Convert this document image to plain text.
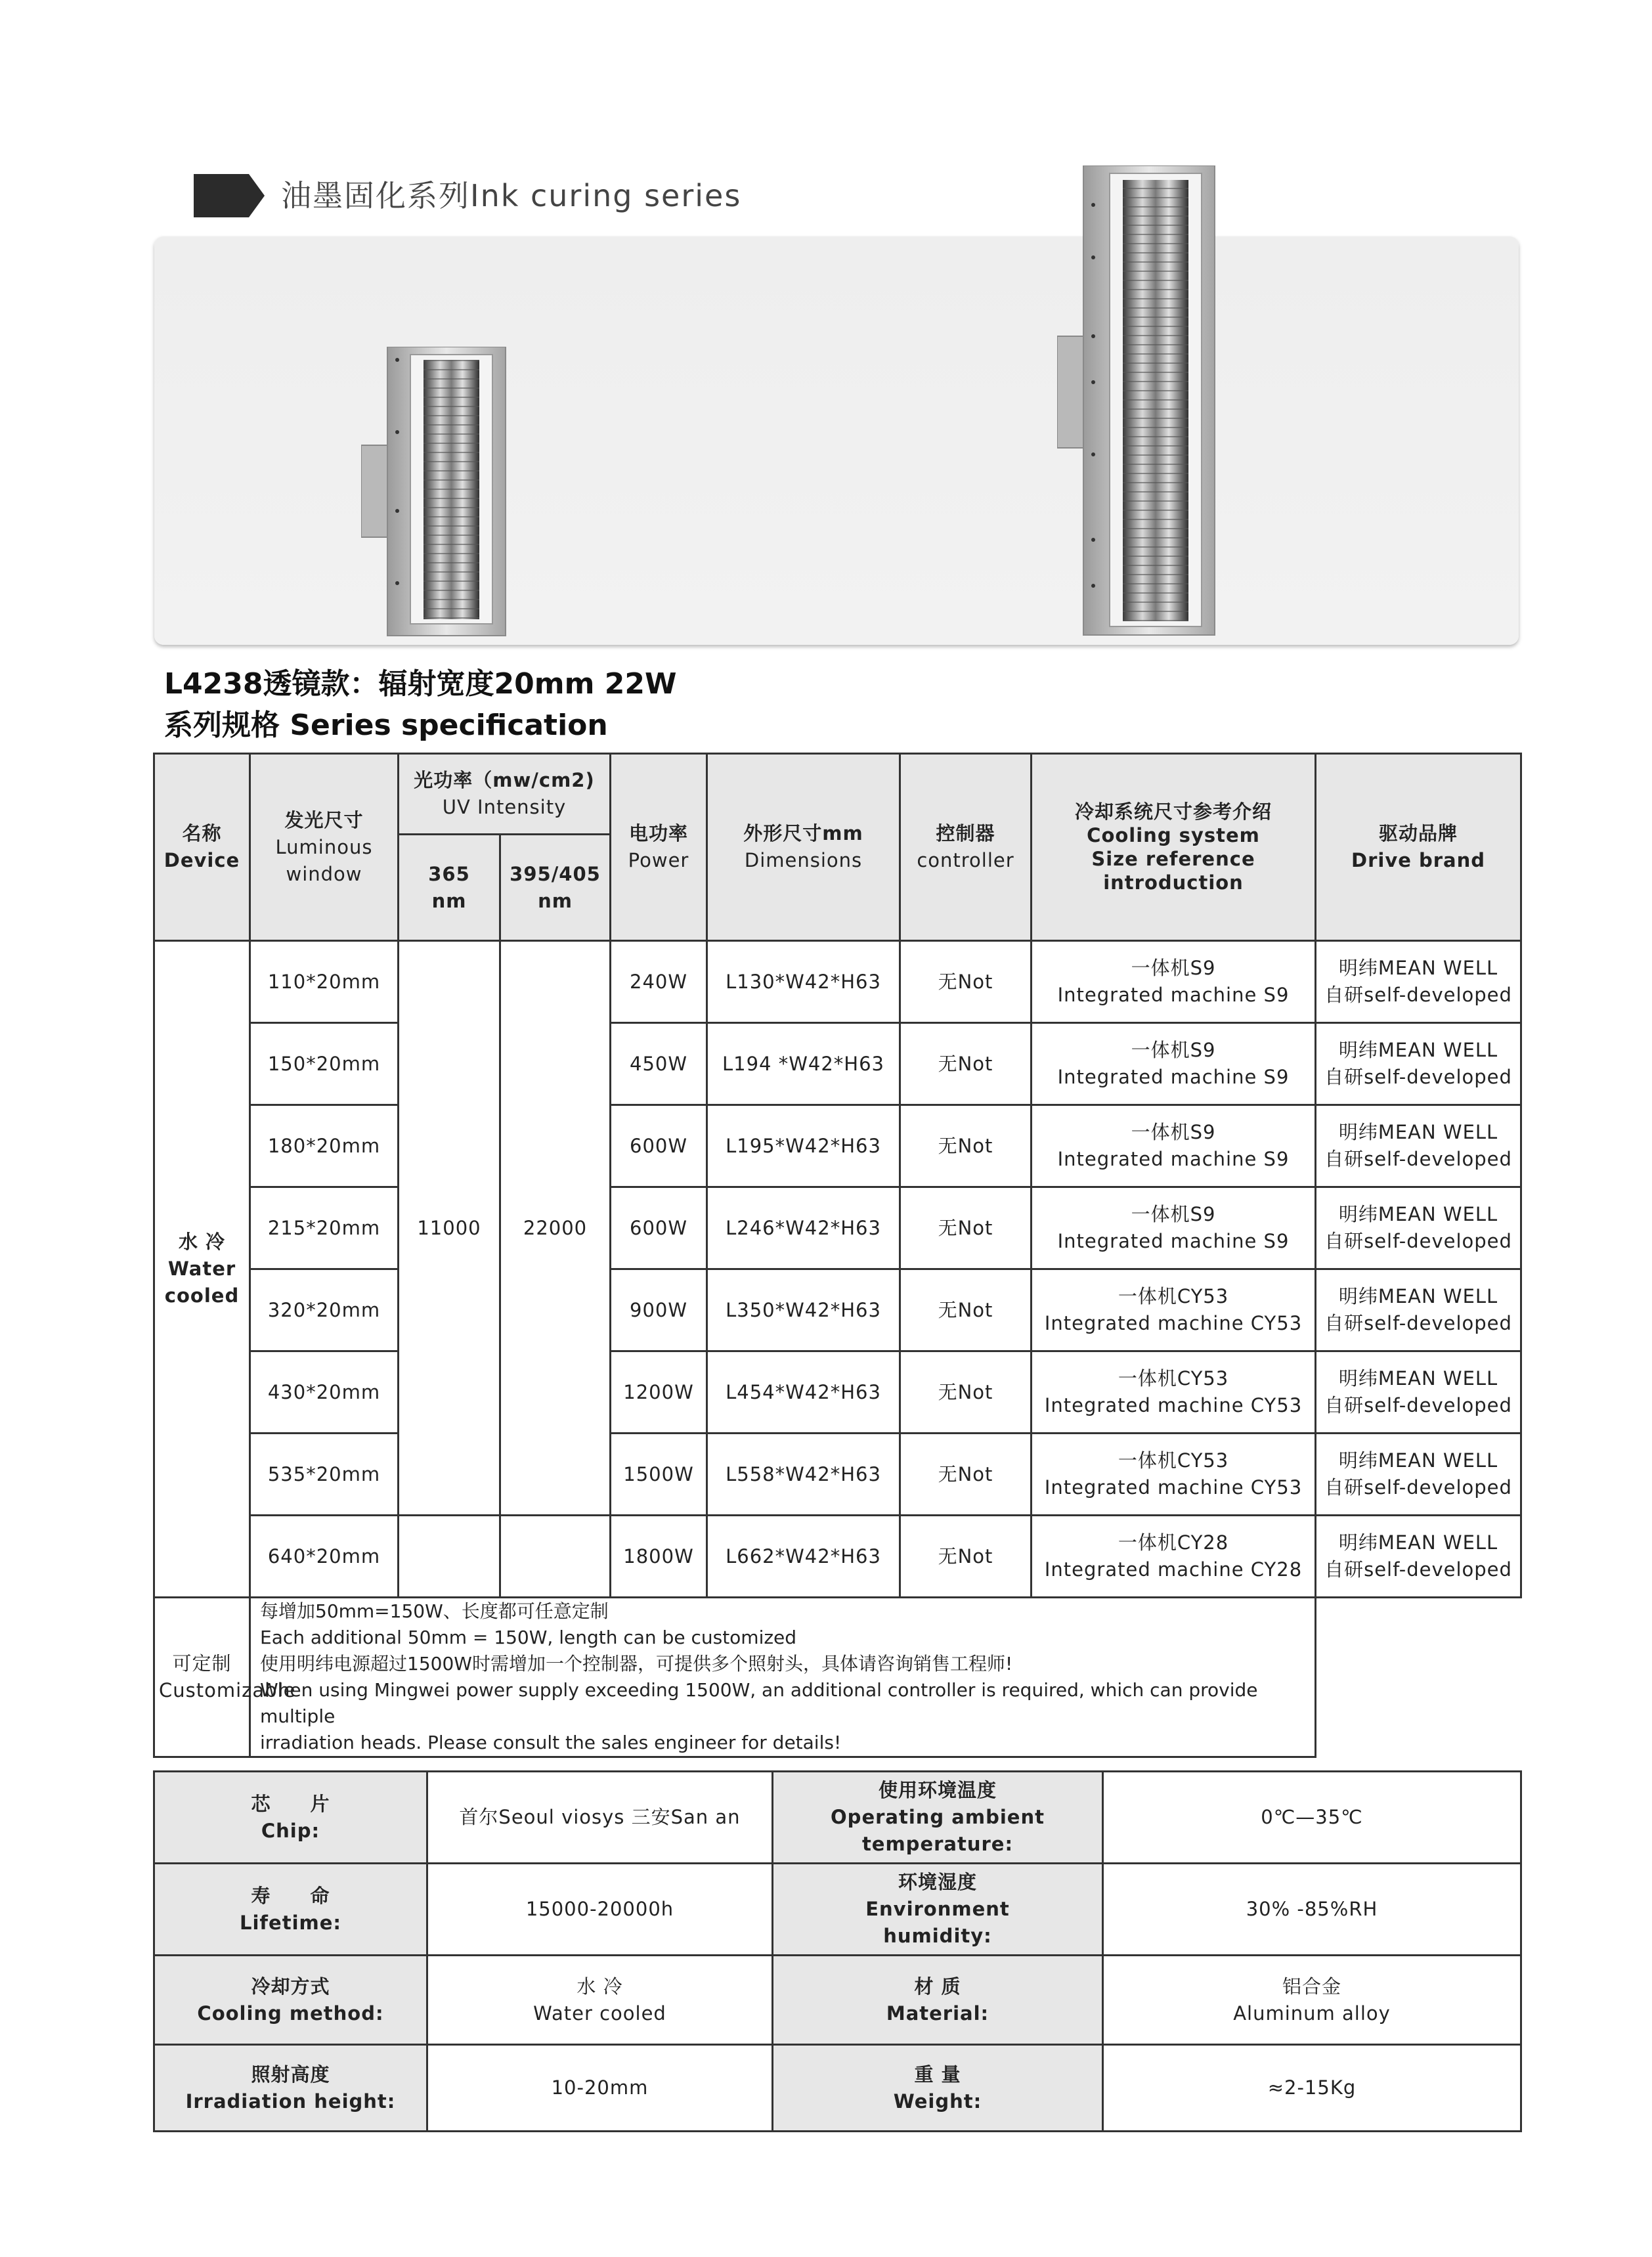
油墨固化系列Ink curing series
L4238透镜款：辐射宽度20mm 22W
系列规格 Series specification
名称
Device	发光尺寸
Luminous
window	光功率（mw/cm2)
UV Intensity		电功率
Power	外形尺寸mm
Dimensions	控制器
controller	冷却系统尺寸参考介绍
Cooling system
Size reference introduction	驱动品牌
Drive brand

		365
nm	395/405
nm					

水 冷
Water
cooled	110*20mm	11000	22000	240W	L130*W42*H63	无Not	一体机S9
Integrated machine S9	明纬MEAN WELL
自研self-developed

	150*20mm			450W	L194 *W42*H63	无Not	一体机S9
Integrated machine S9	明纬MEAN WELL
自研self-developed

	180*20mm			600W	L195*W42*H63	无Not	一体机S9
Integrated machine S9	明纬MEAN WELL
自研self-developed

	215*20mm			600W	L246*W42*H63	无Not	一体机S9
Integrated machine S9	明纬MEAN WELL
自研self-developed

	320*20mm			900W	L350*W42*H63	无Not	一体机CY53
Integrated machine CY53	明纬MEAN WELL
自研self-developed

	430*20mm			1200W	L454*W42*H63	无Not	一体机CY53
Integrated machine CY53	明纬MEAN WELL
自研self-developed

	535*20mm			1500W	L558*W42*H63	无Not	一体机CY53
Integrated machine CY53	明纬MEAN WELL
自研self-developed

	640*20mm			1800W	L662*W42*H63	无Not	一体机CY28
Integrated machine CY28	明纬MEAN WELL
自研self-developed

可定制
Customizable	每增加50mm=150W、长度都可任意定制
Each additional 50mm = 150W, length can be customized
使用明纬电源超过1500W时需增加一个控制器，可提供多个照射头，具体请咨询销售工程师!
When using Mingwei power supply exceeding 1500W, an additional controller is required, which can provide multiple
irradiation heads. Please consult the sales engineer for details!							
芯　　片
Chip:	首尔Seoul viosys 三安San an	使用环境温度
Operating ambient
temperature:	0℃—35℃

寿　　命
Lifetime:	15000-20000h	环境湿度
Environment
humidity:	30% -85%RH

冷却方式
Cooling method:	水 冷
Water cooled	材 质
Material:	铝合金
Aluminum alloy

照射高度
Irradiation height:	10-20mm	重 量
Weight:	≈2-15Kg
